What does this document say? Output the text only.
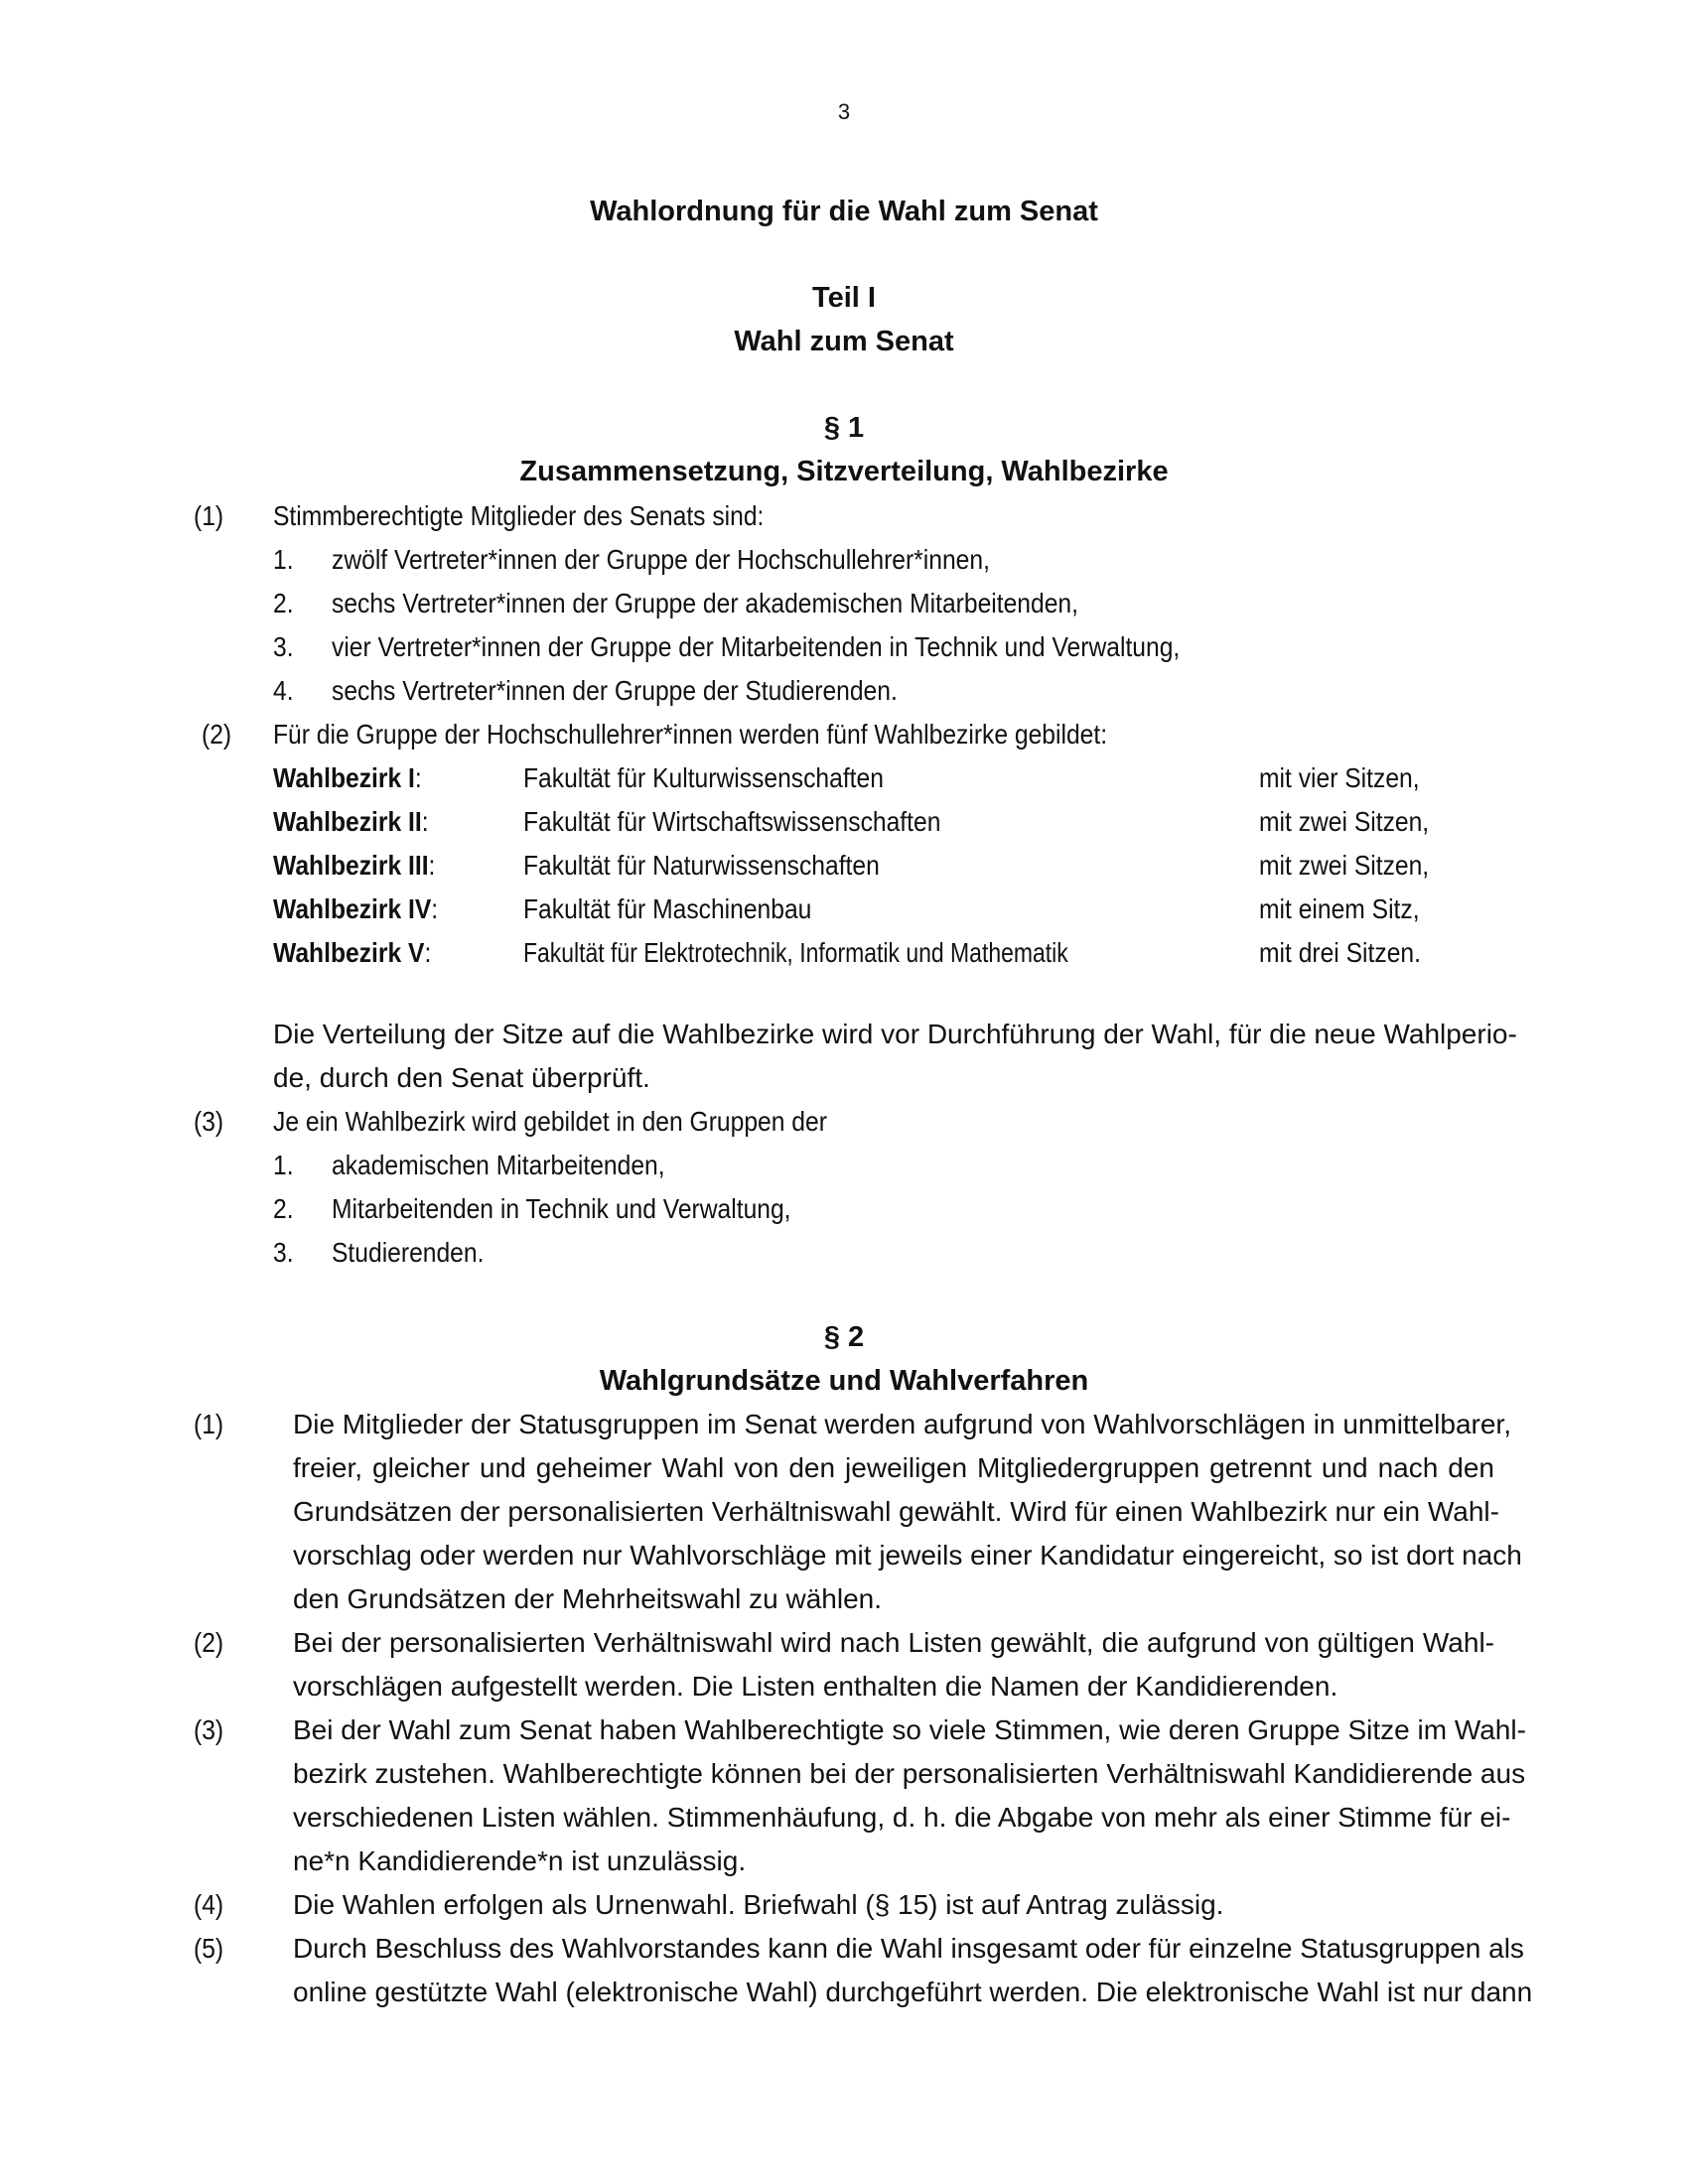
3
Wahlordnung für die Wahl zum Senat
Teil I
Wahl zum Senat
§ 1
Zusammensetzung, Sitzverteilung, Wahlbezirke
(1) Stimmberechtigte Mitglieder des Senats sind:
1. zwölf Vertreter*innen der Gruppe der Hochschullehrer*innen,
2. sechs Vertreter*innen der Gruppe der akademischen Mitarbeitenden,
3. vier Vertreter*innen der Gruppe der Mitarbeitenden in Technik und Verwaltung,
4. sechs Vertreter*innen der Gruppe der Studierenden.
(2) Für die Gruppe der Hochschullehrer*innen werden fünf Wahlbezirke gebildet:
Wahlbezirk I:	Fakultät für Kulturwissenschaften	mit vier Sitzen,
Wahlbezirk II:	Fakultät für Wirtschaftswissenschaften	mit zwei Sitzen,
Wahlbezirk III:	Fakultät für Naturwissenschaften	mit zwei Sitzen,
Wahlbezirk IV:	Fakultät für Maschinenbau	mit einem Sitz,
Wahlbezirk V:	Fakultät für Elektrotechnik, Informatik und Mathematik	mit drei Sitzen.
Die Verteilung der Sitze auf die Wahlbezirke wird vor Durchführung der Wahl, für die neue Wahlperio-
de, durch den Senat überprüft.
(3) Je ein Wahlbezirk wird gebildet in den Gruppen der
1. akademischen Mitarbeitenden,
2. Mitarbeitenden in Technik und Verwaltung,
3. Studierenden.
§ 2
Wahlgrundsätze und Wahlverfahren
(1) Die Mitglieder der Statusgruppen im Senat werden aufgrund von Wahlvorschlägen in unmittelbarer,
freier, gleicher und geheimer Wahl von den jeweiligen Mitgliedergruppen getrennt und nach den
Grundsätzen der personalisierten Verhältniswahl gewählt. Wird für einen Wahlbezirk nur ein Wahl-
vorschlag oder werden nur Wahlvorschläge mit jeweils einer Kandidatur eingereicht, so ist dort nach
den Grundsätzen der Mehrheitswahl zu wählen.
(2) Bei der personalisierten Verhältniswahl wird nach Listen gewählt, die aufgrund von gültigen Wahl-
vorschlägen aufgestellt werden. Die Listen enthalten die Namen der Kandidierenden.
(3) Bei der Wahl zum Senat haben Wahlberechtigte so viele Stimmen, wie deren Gruppe Sitze im Wahl-
bezirk zustehen. Wahlberechtigte können bei der personalisierten Verhältniswahl Kandidierende aus
verschiedenen Listen wählen. Stimmenhäufung, d. h. die Abgabe von mehr als einer Stimme für ei-
ne*n Kandidierende*n ist unzulässig.
(4) Die Wahlen erfolgen als Urnenwahl. Briefwahl (§ 15) ist auf Antrag zulässig.
(5) Durch Beschluss des Wahlvorstandes kann die Wahl insgesamt oder für einzelne Statusgruppen als
online gestützte Wahl (elektronische Wahl) durchgeführt werden. Die elektronische Wahl ist nur dann
